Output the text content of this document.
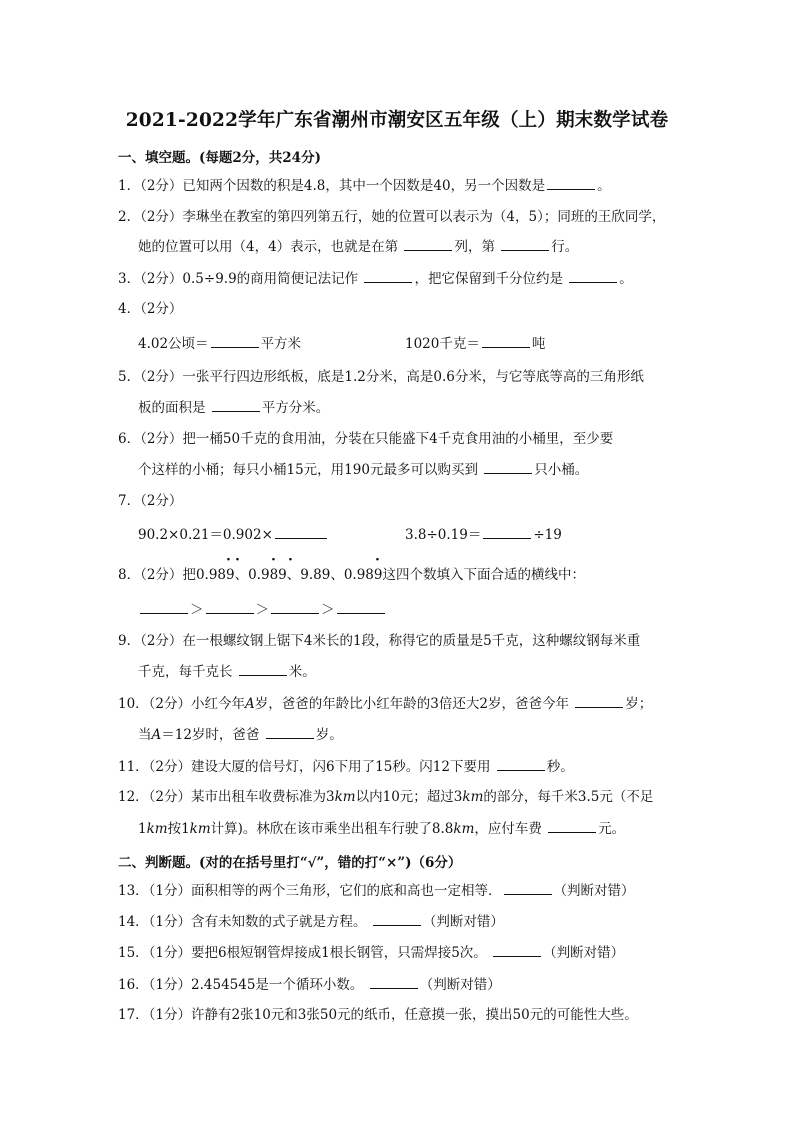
2021-2022学年广东省潮州市潮安区五年级（上）期末数学试卷
一、填空题。(每题2分，共24分)
1．（2分）已知两个因数的积是4.8，其中一个因数是40，另一个因数是	。
2．（2分）李琳坐在教室的第四列第五行，她的位置可以表示为（4，5）；同班的王欣同学，
她的位置可以用（4，4）表示，也就是在第	列，第	行。
3．（2分）0.5÷9.9的商用简便记法记作	，把它保留到千分位约是	。
4．（2分）
4.02公顷＝	平方米	1020千克＝	吨
5．（2分）一张平行四边形纸板，底是1.2分米，高是0.6分米，与它等底等高的三角形纸
板的面积是	平方分米。
6．（2分）把一桶50千克的食用油，分装在只能盛下4千克食用油的小桶里，至少要
个这样的小桶；每只小桶15元，用190元最多可以购买到	只小桶。
7．（2分）
90.2×0.21＝0.902×	3.8÷0.19＝	÷19
8．（2分）把0.989、0.989、9.89、0.989这四个数填入下面合适的横线中：
· · · ·	·
＞	＞	＞
9．（2分）在一根螺纹钢上锯下4米长的1段，称得它的质量是5千克，这种螺纹钢每米重
千克，每千克长	米。
10．（2分）小红今年A岁，爸爸的年龄比小红年龄的3倍还大2岁，爸爸今年	岁；
当A＝12岁时，爸爸	岁。
11．（2分）建设大厦的信号灯，闪6下用了15秒。闪12下要用	秒。
12．（2分）某市出租车收费标准为3km以内10元；超过3km的部分，每千米3.5元（不足
1km按1km计算)。林欣在该市乘坐出租车行驶了8.8km，应付车费	元。
二、判断题。(对的在括号里打“√”，错的打“×”)（6分）
13．（1分）面积相等的两个三角形，它们的底和高也一定相等．	（判断对错）
14．（1分）含有未知数的式子就是方程。	（判断对错）
15．（1分）要把6根短钢管焊接成1根长钢管，只需焊接5次。	（判断对错）
16．（1分）2.454545是一个循环小数。	（判断对错）
17．（1分）许静有2张10元和3张50元的纸币，任意摸一张，摸出50元的可能性大些。
